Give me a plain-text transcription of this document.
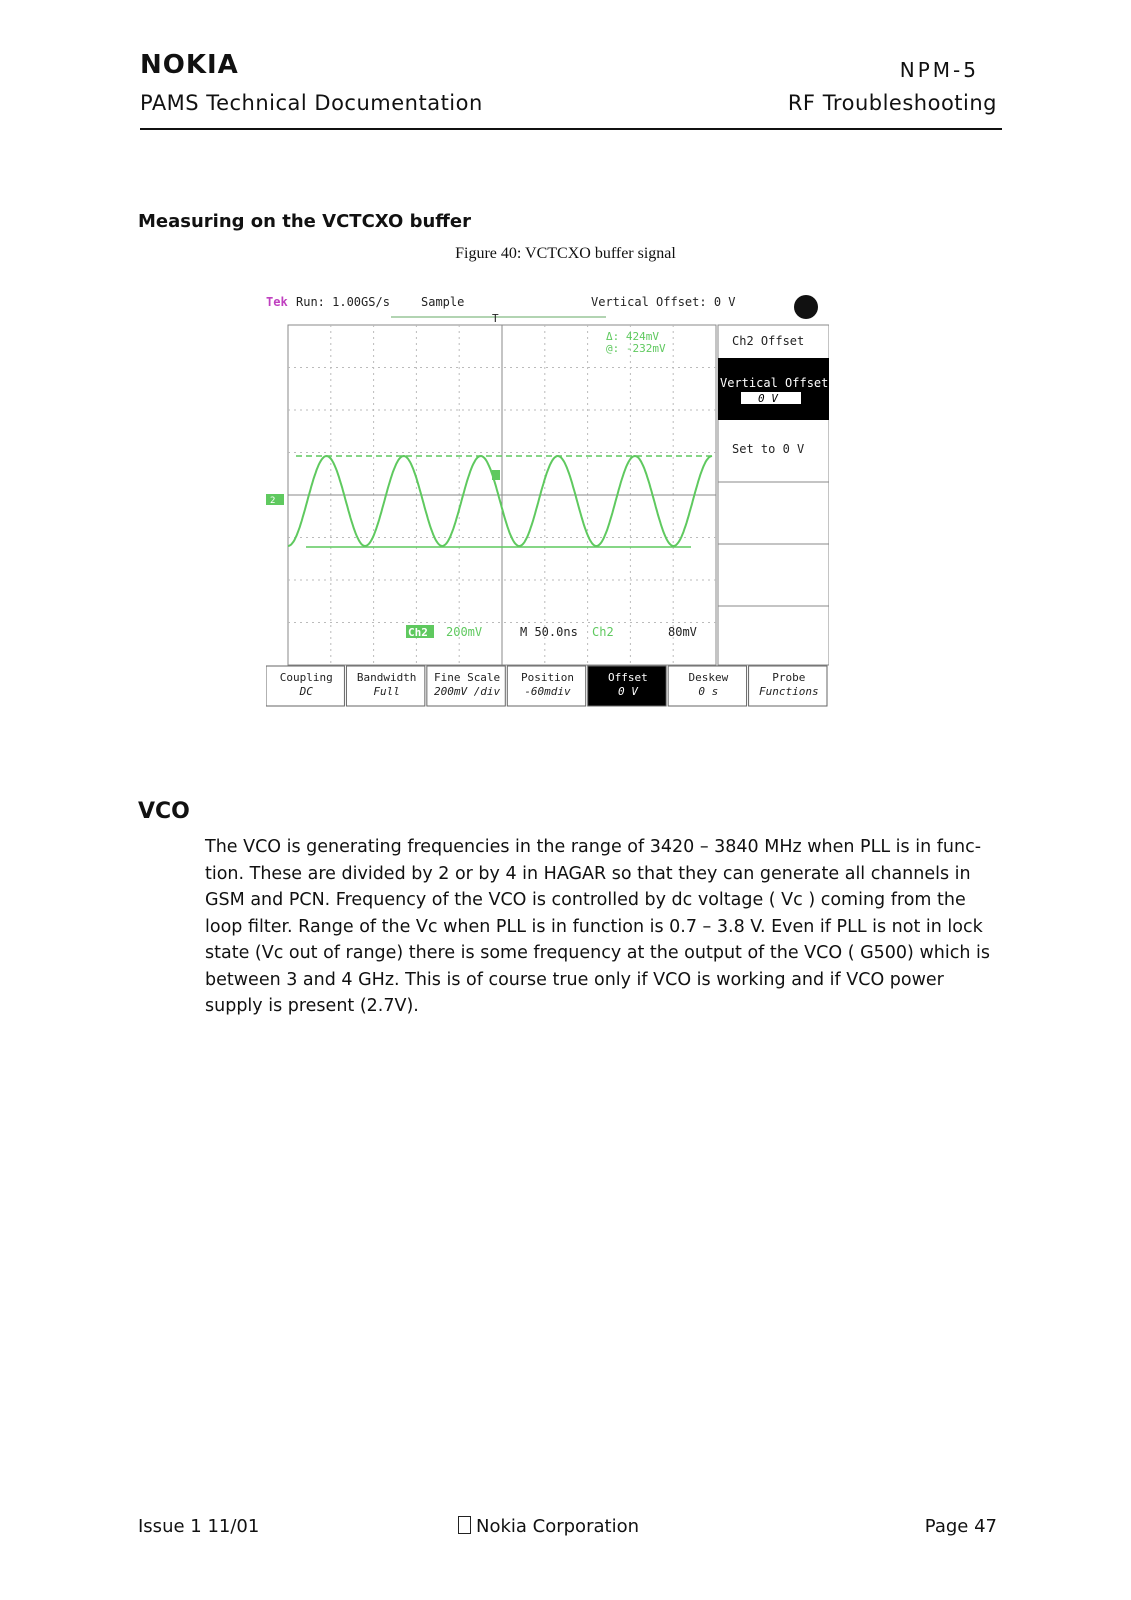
NOKIA	NPM-5
PAMS Technical Documentation	RF Troubleshooting
Measuring on the VCTCXO buffer
Figure 40: VCTCXO buffer signal
Tek Run: 1.00GS/s	Sample	Vertical Offset: 0 V
T
Δ: 424mV
@: -232mV
2
Ch2 200mV	M 50.0ns Ch2	80mV
Ch2 Offset
Vertical Offset
0 V
Set to 0 V
Coupling
DC
Bandwidth
Full
Fine Scale
200mV /div
Position
-60mdiv
Offset
0 V
Deskew
0 s
Probe
Functions
VCO
The VCO is generating frequencies in the range of 3420 – 3840 MHz when PLL is in func-tion. These are divided by 2 or by 4 in HAGAR so that they can generate all channels in GSM and PCN. Frequency of the VCO is controlled by dc voltage ( Vc ) coming from the loop filter. Range of the Vc when PLL is in function is 0.7 – 3.8 V. Even if PLL is not in lock state (Vc out of range) there is some frequency at the output of the VCO ( G500) which is between 3 and 4 GHz. This is of course true only if VCO is working and if VCO power supply is present (2.7V).
Issue 1 11/01	Nokia Corporation	Page 47
